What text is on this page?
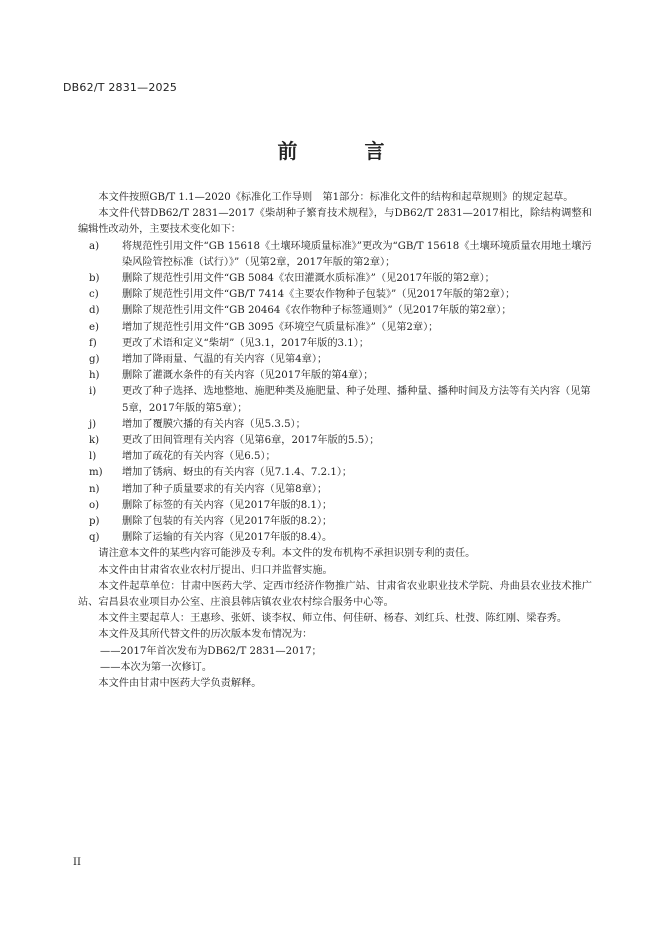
DB62/T 2831—2025
前 言

本文件按照GB/T 1.1—2020《标准化工作导则　第1部分：标准化文件的结构和起草规则》的规定起草。

本文件代替DB62/T 2831—2017《柴胡种子繁育技术规程》，与DB62/T 2831—2017相比，除结构调整和编辑性改动外，主要技术变化如下：

a)	将规范性引用文件“GB 15618《土壤环境质量标准》”更改为“GB/T 15618《土壤环境质量农用地土壤污染风险管控标准（试行）》”（见第2章，2017年版的第2章）；
b)	删除了规范性引用文件“GB 5084《农田灌溉水质标准》”（见2017年版的第2章）；
c)	删除了规范性引用文件“GB/T 7414《主要农作物种子包装》”（见2017年版的第2章）；
d)	删除了规范性引用文件“GB 20464《农作物种子标签通则》”（见2017年版的第2章）；
e)	增加了规范性引用文件“GB 3095《环境空气质量标准》”（见第2章）；
f)	更改了术语和定义“柴胡”（见3.1，2017年版的3.1）；
g)	增加了降雨量、气温的有关内容（见第4章）；
h)	删除了灌溉水条件的有关内容（见2017年版的第4章）；
i)	更改了种子选择、选地整地、施肥种类及施肥量、种子处理、播种量、播种时间及方法等有关内容（见第5章，2017年版的第5章）；
j)	增加了覆膜穴播的有关内容（见5.3.5）；
k)	更改了田间管理有关内容（见第6章，2017年版的5.5）；
l)	增加了疏花的有关内容（见6.5）；
m)	增加了锈病、蚜虫的有关内容（见7.1.4、7.2.1）；
n)	增加了种子质量要求的有关内容（见第8章）；
o)	删除了标签的有关内容（见2017年版的8.1）；
p)	删除了包装的有关内容（见2017年版的8.2）；
q)	删除了运输的有关内容（见2017年版的8.4）。

请注意本文件的某些内容可能涉及专利。本文件的发布机构不承担识别专利的责任。

本文件由甘肃省农业农村厅提出、归口并监督实施。

本文件起草单位：甘肃中医药大学、定西市经济作物推广站、甘肃省农业职业技术学院、舟曲县农业技术推广站、宕昌县农业项目办公室、庄浪县韩店镇农业农村综合服务中心等。

本文件主要起草人：王惠珍、张妍、谈李权、师立伟、何佳研、杨春、刘红兵、杜弢、陈红刚、梁春秀。

本文件及其所代替文件的历次版本发布情况为：

——2017年首次发布为DB62/T 2831—2017；

——本次为第一次修订。

本文件由甘肃中医药大学负责解释。

II
